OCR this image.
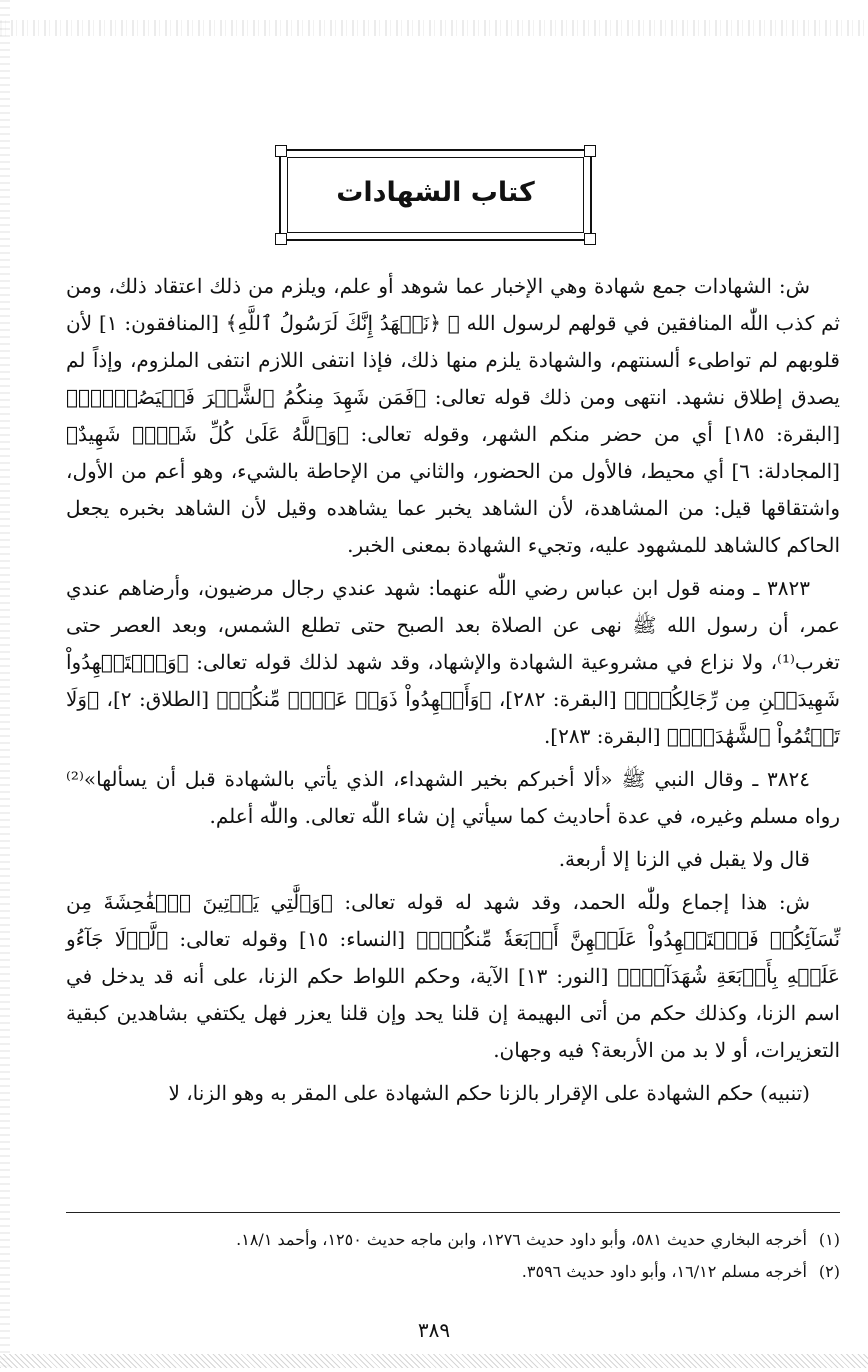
كتاب الشهادات

ش: الشهادات جمع شهادة وهي الإخبار عما شوهد أو علم، ويلزم من ذلك اعتقاد ذلك، ومن ثم كذب اللّٰه المنافقين في قولهم لرسول الله ﷺ ﴿نَشۡهَدُ إِنَّكَ لَرَسُولُ ٱللَّهِ﴾ [المنافقون: ١] لأن قلوبهم لم تواطىء ألسنتهم، والشهادة يلزم منها ذلك، فإذا انتفى اللازم انتفى الملزوم، وإذاً لم يصدق إطلاق نشهد. انتهى ومن ذلك قوله تعالى: ﴿فَمَن شَهِدَ مِنكُمُ ٱلشَّهۡرَ فَلۡيَصُمۡهُۖ﴾ [البقرة: ١٨٥] أي من حضر منكم الشهر، وقوله تعالى: ﴿وَٱللَّهُ عَلَىٰ كُلِّ شَيۡءٖ شَهِيدٌ﴾ [المجادلة: ٦] أي محيط، فالأول من الحضور، والثاني من الإحاطة بالشيء، وهو أعم من الأول، واشتقاقها قيل: من المشاهدة، لأن الشاهد يخبر عما يشاهده وقيل لأن الشاهد بخبره يجعل الحاكم كالشاهد للمشهود عليه، وتجيء الشهادة بمعنى الخبر.

٣٨٢٣ ـ ومنه قول ابن عباس رضي اللّٰه عنهما: شهد عندي رجال مرضيون، وأرضاهم عندي عمر، أن رسول الله ﷺ نهى عن الصلاة بعد الصبح حتى تطلع الشمس، وبعد العصر حتى تغرب⁽¹⁾، ولا نزاع في مشروعية الشهادة والإشهاد، وقد شهد لذلك قوله تعالى: ﴿وَٱسۡتَشۡهِدُواْ شَهِيدَيۡنِ مِن رِّجَالِكُمۡۖ﴾ [البقرة: ٢٨٢]، ﴿وَأَشۡهِدُواْ ذَوَيۡ عَدۡلٖ مِّنكُمۡ﴾ [الطلاق: ٢]، ﴿وَلَا تَكۡتُمُواْ ٱلشَّهَٰدَةَۚ﴾ [البقرة: ٢٨٣].

٣٨٢٤ ـ وقال النبي ﷺ «ألا أخبركم بخير الشهداء، الذي يأتي بالشهادة قبل أن يسألها»⁽²⁾ رواه مسلم وغيره، في عدة أحاديث كما سيأتي إن شاء اللّٰه تعالى. واللّٰه أعلم.

قال ولا يقبل في الزنا إلا أربعة.

ش: هذا إجماع وللّٰه الحمد، وقد شهد له قوله تعالى: ﴿وَٱلَّٰتِي يَأۡتِينَ ٱلۡفَٰحِشَةَ مِن نِّسَآئِكُمۡ فَٱسۡتَشۡهِدُواْ عَلَيۡهِنَّ أَرۡبَعَةٗ مِّنكُمۡۖ﴾ [النساء: ١٥] وقوله تعالى: ﴿لَّوۡلَا جَآءُو عَلَيۡهِ بِأَرۡبَعَةِ شُهَدَآءَۚ﴾ [النور: ١٣] الآية، وحكم اللواط حكم الزنا، على أنه قد يدخل في اسم الزنا، وكذلك حكم من أتى البهيمة إن قلنا يحد وإن قلنا يعزر فهل يكتفي بشاهدين كبقية التعزيرات، أو لا بد من الأربعة؟ فيه وجهان.

(تنبيه) حكم الشهادة على الإقرار بالزنا حكم الشهادة على المقر به وهو الزنا، لا

(١)أخرجه البخاري حديث ٥٨١، وأبو داود حديث ١٢٧٦، وابن ماجه حديث ١٢٥٠، وأحمد ١٨/١.

(٢)أخرجه مسلم ١٦/١٢، وأبو داود حديث ٣٥٩٦.

٣٨٩
